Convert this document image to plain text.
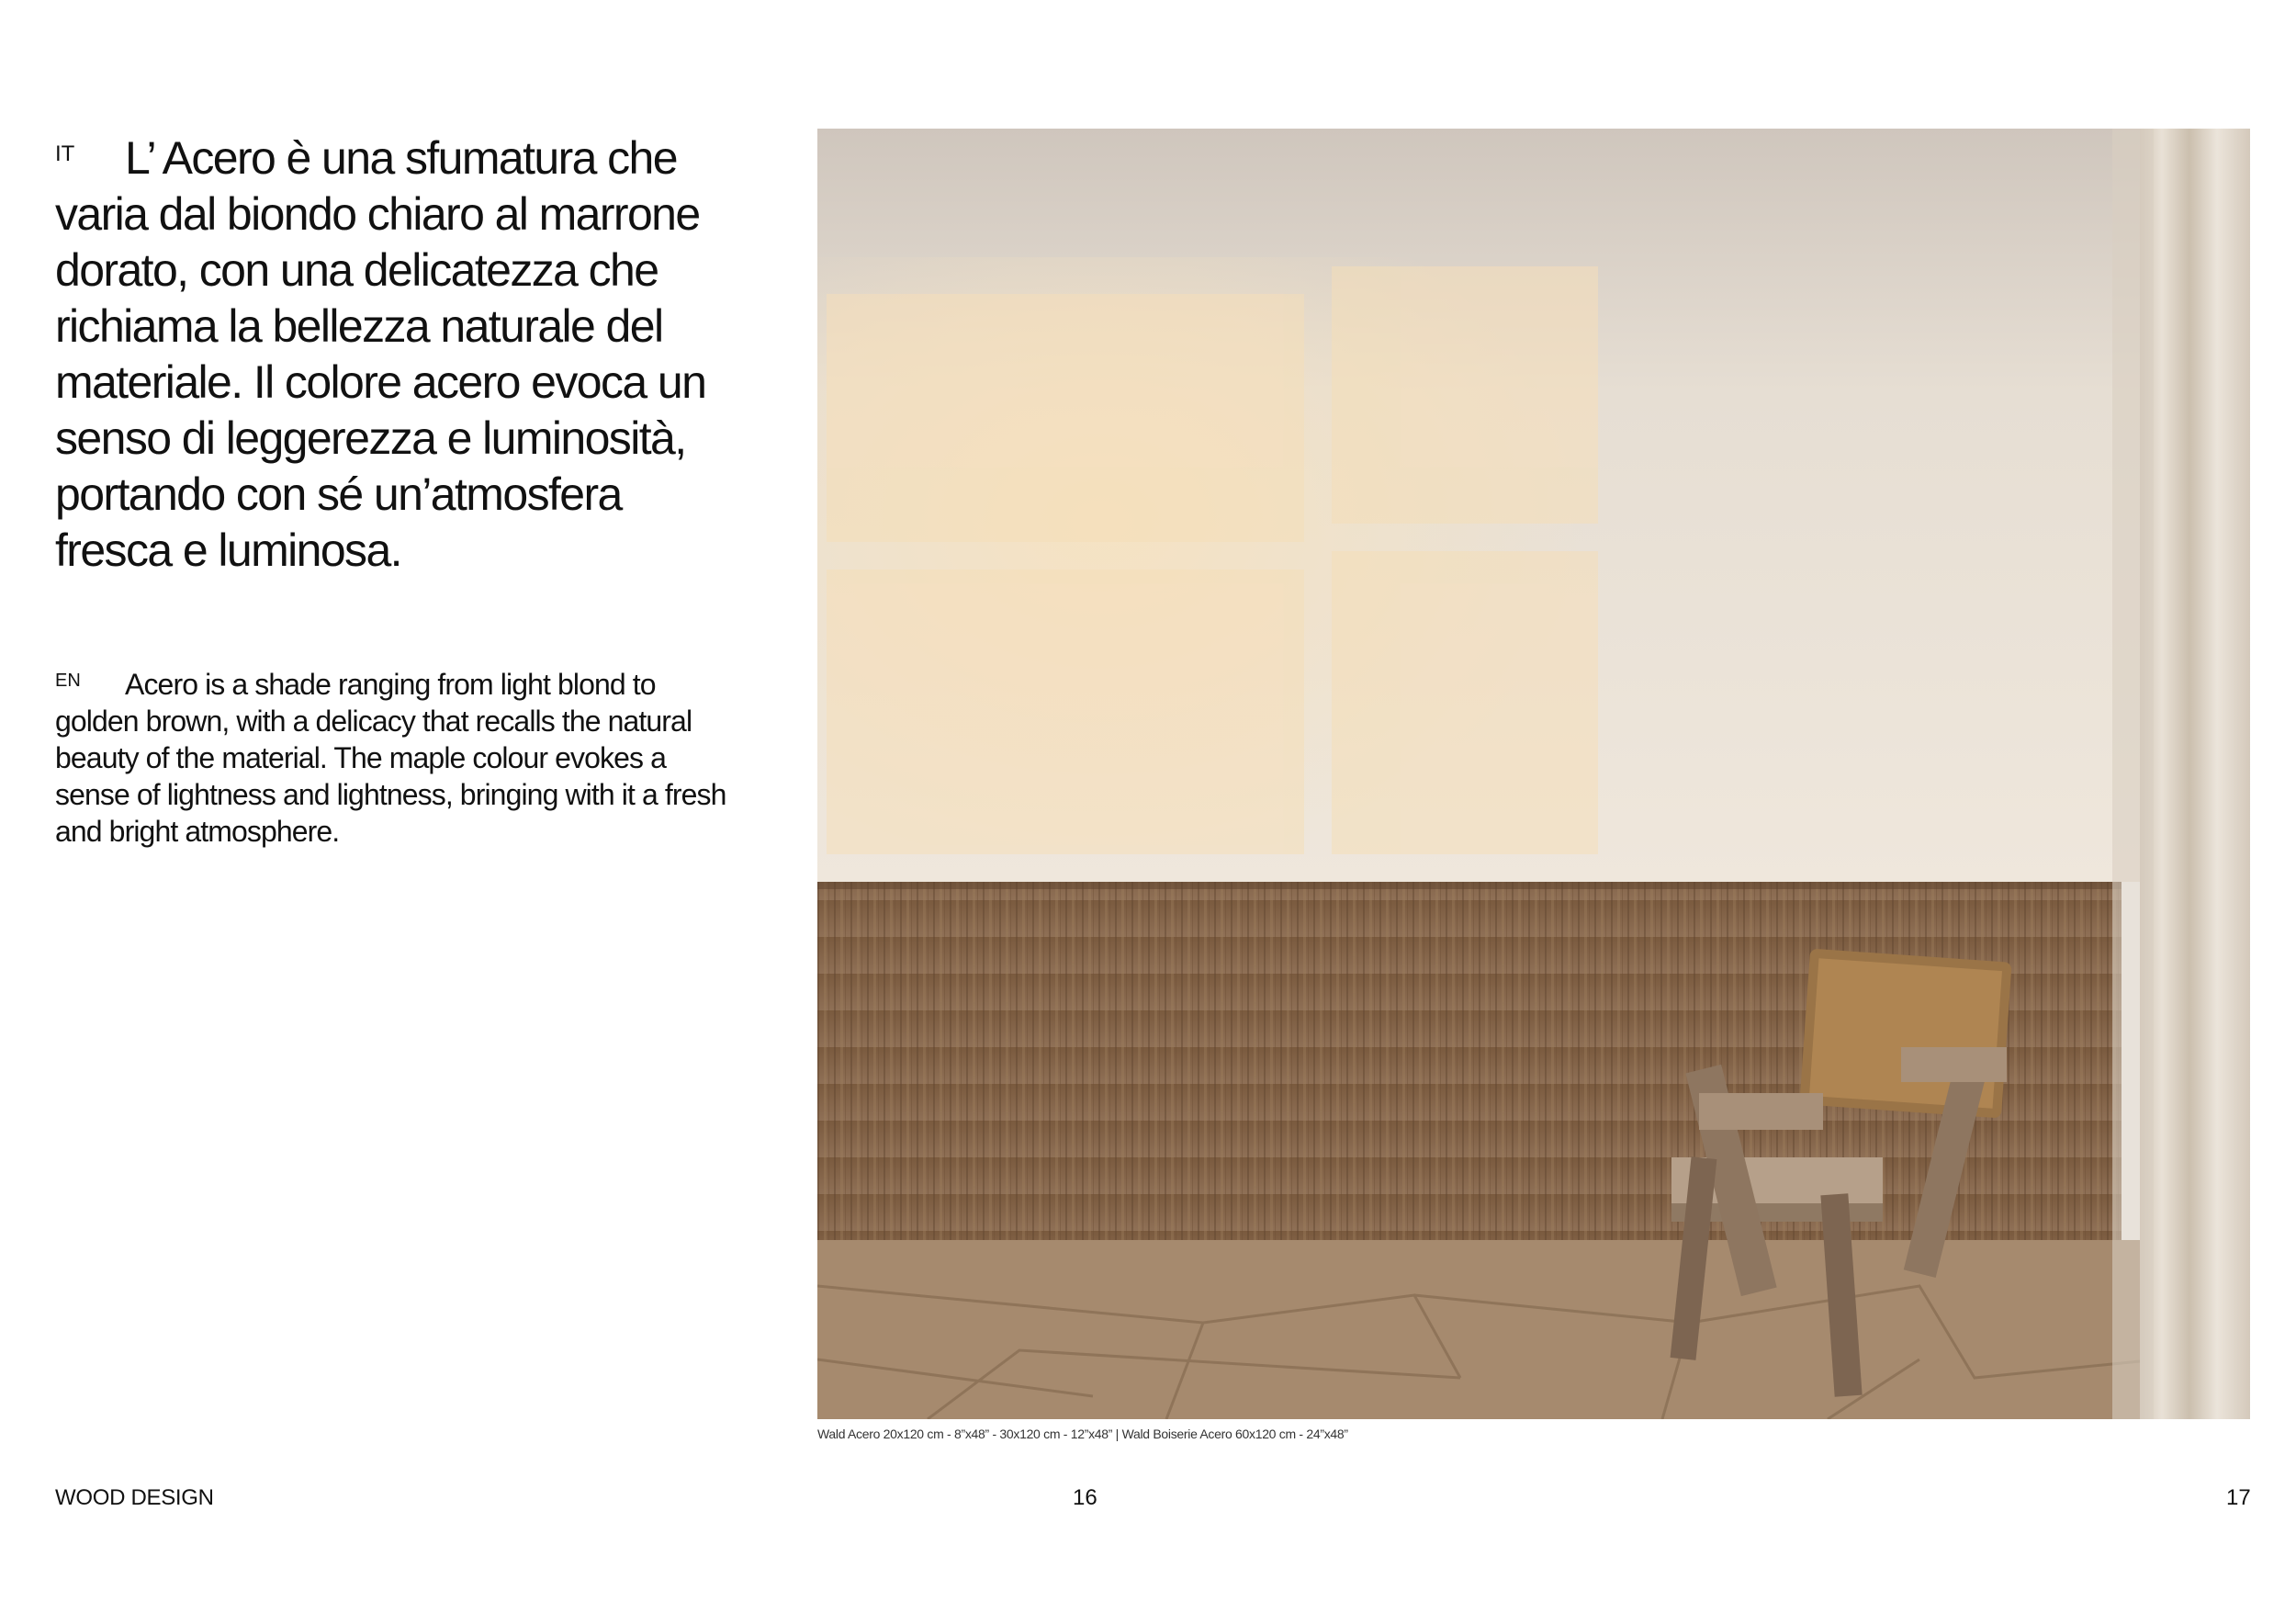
IT	L’ Acero è una sfumatura che varia dal biondo chiaro al marrone dorato, con una delicatezza che richiama la bellezza naturale del materiale. Il colore acero evoca un senso di leggerezza e luminosità, portando con sé un’atmosfera fresca e luminosa.

EN	Acero is a shade ranging from light blond to golden brown, with a delicacy that recalls the natural beauty of the material. The maple colour evokes a sense of lightness and lightness, bringing with it a fresh and bright atmosphere.

Wald Acero 20x120 cm - 8”x48” - 30x120 cm - 12”x48” | Wald Boiserie Acero 60x120 cm - 24”x48”
WOOD DESIGN	16	17
